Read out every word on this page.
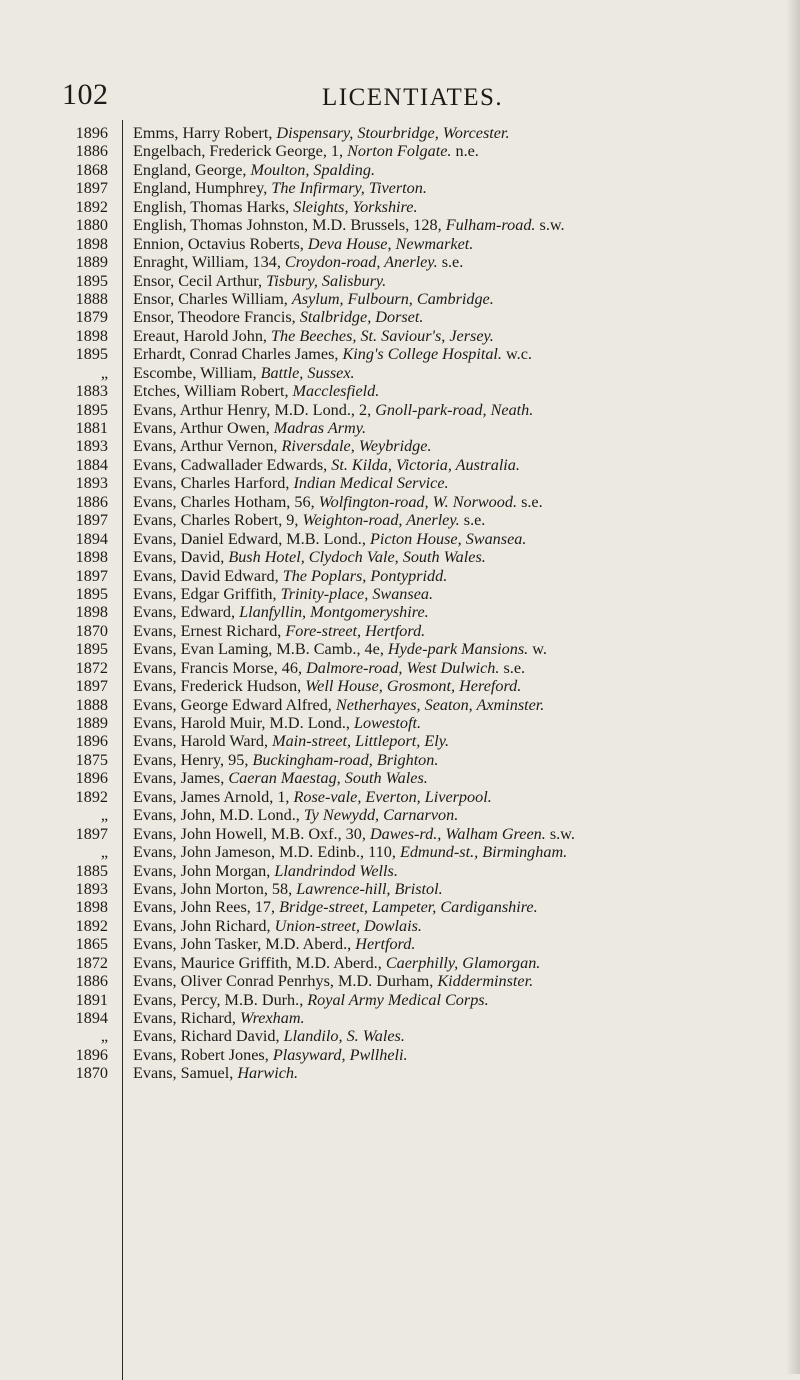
102	LICENTIATES.
1896
1886
1868
1897
1892
1880
1898
1889
1895
1888
1879
1898
1895
„
1883
1895
1881
1893
1884
1893
1886
1897
1894
1898
1897
1895
1898
1870
1895
1872
1897
1888
1889
1896
1875
1896
1892
„
1897
„
1885
1893
1898
1892
1865
1872
1886
1891
1894
„
1896
1870
Emms, Harry Robert, Dispensary, Stourbridge, Worcester.
Engelbach, Frederick George, 1, Norton Folgate. n.e.
England, George, Moulton, Spalding.
England, Humphrey, The Infirmary, Tiverton.
English, Thomas Harks, Sleights, Yorkshire.
English, Thomas Johnston, M.D. Brussels, 128, Fulham-road. s.w.
Ennion, Octavius Roberts, Deva House, Newmarket.
Enraght, William, 134, Croydon-road, Anerley. s.e.
Ensor, Cecil Arthur, Tisbury, Salisbury.
Ensor, Charles William, Asylum, Fulbourn, Cambridge.
Ensor, Theodore Francis, Stalbridge, Dorset.
Ereaut, Harold John, The Beeches, St. Saviour's, Jersey.
Erhardt, Conrad Charles James, King's College Hospital. w.c.
Escombe, William, Battle, Sussex.
Etches, William Robert, Macclesfield.
Evans, Arthur Henry, M.D. Lond., 2, Gnoll-park-road, Neath.
Evans, Arthur Owen, Madras Army.
Evans, Arthur Vernon, Riversdale, Weybridge.
Evans, Cadwallader Edwards, St. Kilda, Victoria, Australia.
Evans, Charles Harford, Indian Medical Service.
Evans, Charles Hotham, 56, Wolfington-road, W. Norwood. s.e.
Evans, Charles Robert, 9, Weighton-road, Anerley. s.e.
Evans, Daniel Edward, M.B. Lond., Picton House, Swansea.
Evans, David, Bush Hotel, Clydoch Vale, South Wales.
Evans, David Edward, The Poplars, Pontypridd.
Evans, Edgar Griffith, Trinity-place, Swansea.
Evans, Edward, Llanfyllin, Montgomeryshire.
Evans, Ernest Richard, Fore-street, Hertford.
Evans, Evan Laming, M.B. Camb., 4e, Hyde-park Mansions. w.
Evans, Francis Morse, 46, Dalmore-road, West Dulwich. s.e.
Evans, Frederick Hudson, Well House, Grosmont, Hereford.
Evans, George Edward Alfred, Netherhayes, Seaton, Axminster.
Evans, Harold Muir, M.D. Lond., Lowestoft.
Evans, Harold Ward, Main-street, Littleport, Ely.
Evans, Henry, 95, Buckingham-road, Brighton.
Evans, James, Caeran Maestag, South Wales.
Evans, James Arnold, 1, Rose-vale, Everton, Liverpool.
Evans, John, M.D. Lond., Ty Newydd, Carnarvon.
Evans, John Howell, M.B. Oxf., 30, Dawes-rd., Walham Green. s.w.
Evans, John Jameson, M.D. Edinb., 110, Edmund-st., Birmingham.
Evans, John Morgan, Llandrindod Wells.
Evans, John Morton, 58, Lawrence-hill, Bristol.
Evans, John Rees, 17, Bridge-street, Lampeter, Cardiganshire.
Evans, John Richard, Union-street, Dowlais.
Evans, John Tasker, M.D. Aberd., Hertford.
Evans, Maurice Griffith, M.D. Aberd., Caerphilly, Glamorgan.
Evans, Oliver Conrad Penrhys, M.D. Durham, Kidderminster.
Evans, Percy, M.B. Durh., Royal Army Medical Corps.
Evans, Richard, Wrexham.
Evans, Richard David, Llandilo, S. Wales.
Evans, Robert Jones, Plasyward, Pwllheli.
Evans, Samuel, Harwich.
